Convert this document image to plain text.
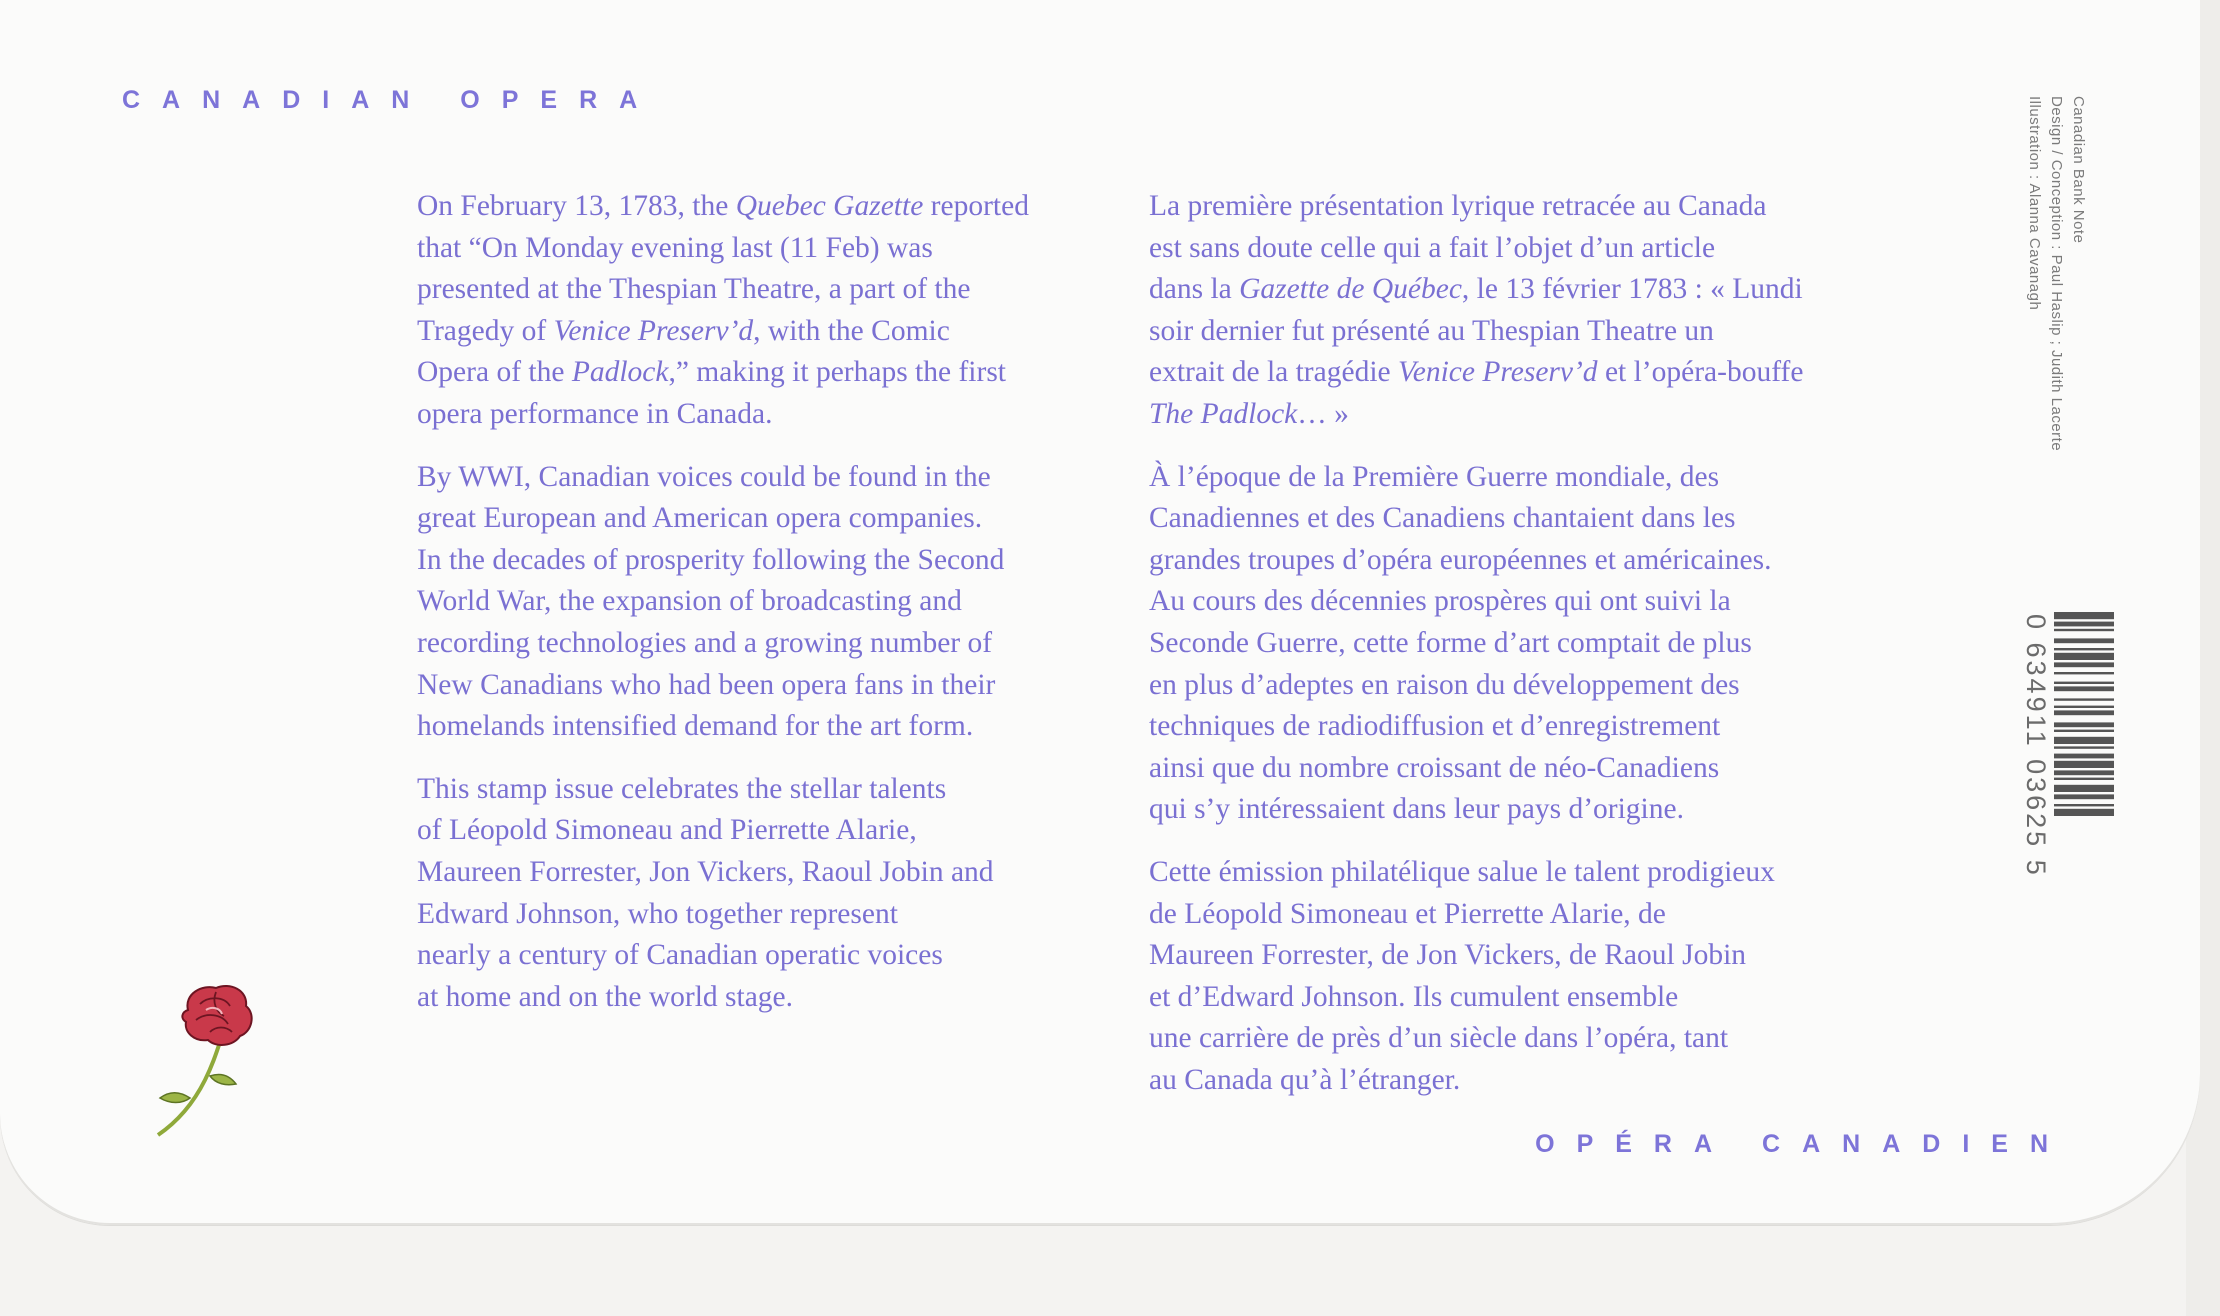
CANADIAN OPERA

On February 13, 1783, the Quebec Gazette reported
that “On Monday evening last (11 Feb) was
presented at the Thespian Theatre, a part of the
Tragedy of Venice Preserv’d, with the Comic
Opera of the Padlock,” making it perhaps the first
opera performance in Canada.

By WWI, Canadian voices could be found in the
great European and American opera companies.
In the decades of prosperity following the Second
World War, the expansion of broadcasting and
recording technologies and a growing number of
New Canadians who had been opera fans in their
homelands intensified demand for the art form.

This stamp issue celebrates the stellar talents
of Léopold Simoneau and Pierrette Alarie,
Maureen Forrester, Jon Vickers, Raoul Jobin and
Edward Johnson, who together represent
nearly a century of Canadian operatic voices
at home and on the world stage.

La première présentation lyrique retracée au Canada
est sans doute celle qui a fait l’objet d’un article
dans la Gazette de Québec, le 13 février 1783 : « Lundi
soir dernier fut présenté au Thespian Theatre un
extrait de la tragédie Venice Preserv’d et l’opéra-bouffe
The Padlock… »

À l’époque de la Première Guerre mondiale, des
Canadiennes et des Canadiens chantaient dans les
grandes troupes d’opéra européennes et américaines.
Au cours des décennies prospères qui ont suivi la
Seconde Guerre, cette forme d’art comptait de plus
en plus d’adeptes en raison du développement des
techniques de radiodiffusion et d’enregistrement
ainsi que du nombre croissant de néo-Canadiens
qui s’y intéressaient dans leur pays d’origine.

Cette émission philatélique salue le talent prodigieux
de Léopold Simoneau et Pierrette Alarie, de
Maureen Forrester, de Jon Vickers, de Raoul Jobin
et d’Edward Johnson. Ils cumulent ensemble
une carrière de près d’un siècle dans l’opéra, tant
au Canada qu’à l’étranger.

OPÉRA CANADIEN
Canadian Bank Note
Design / Conception : Paul Haslip ; Judith Lacerte
Illustration : Alanna Cavanagh
0 634911 03625 5
